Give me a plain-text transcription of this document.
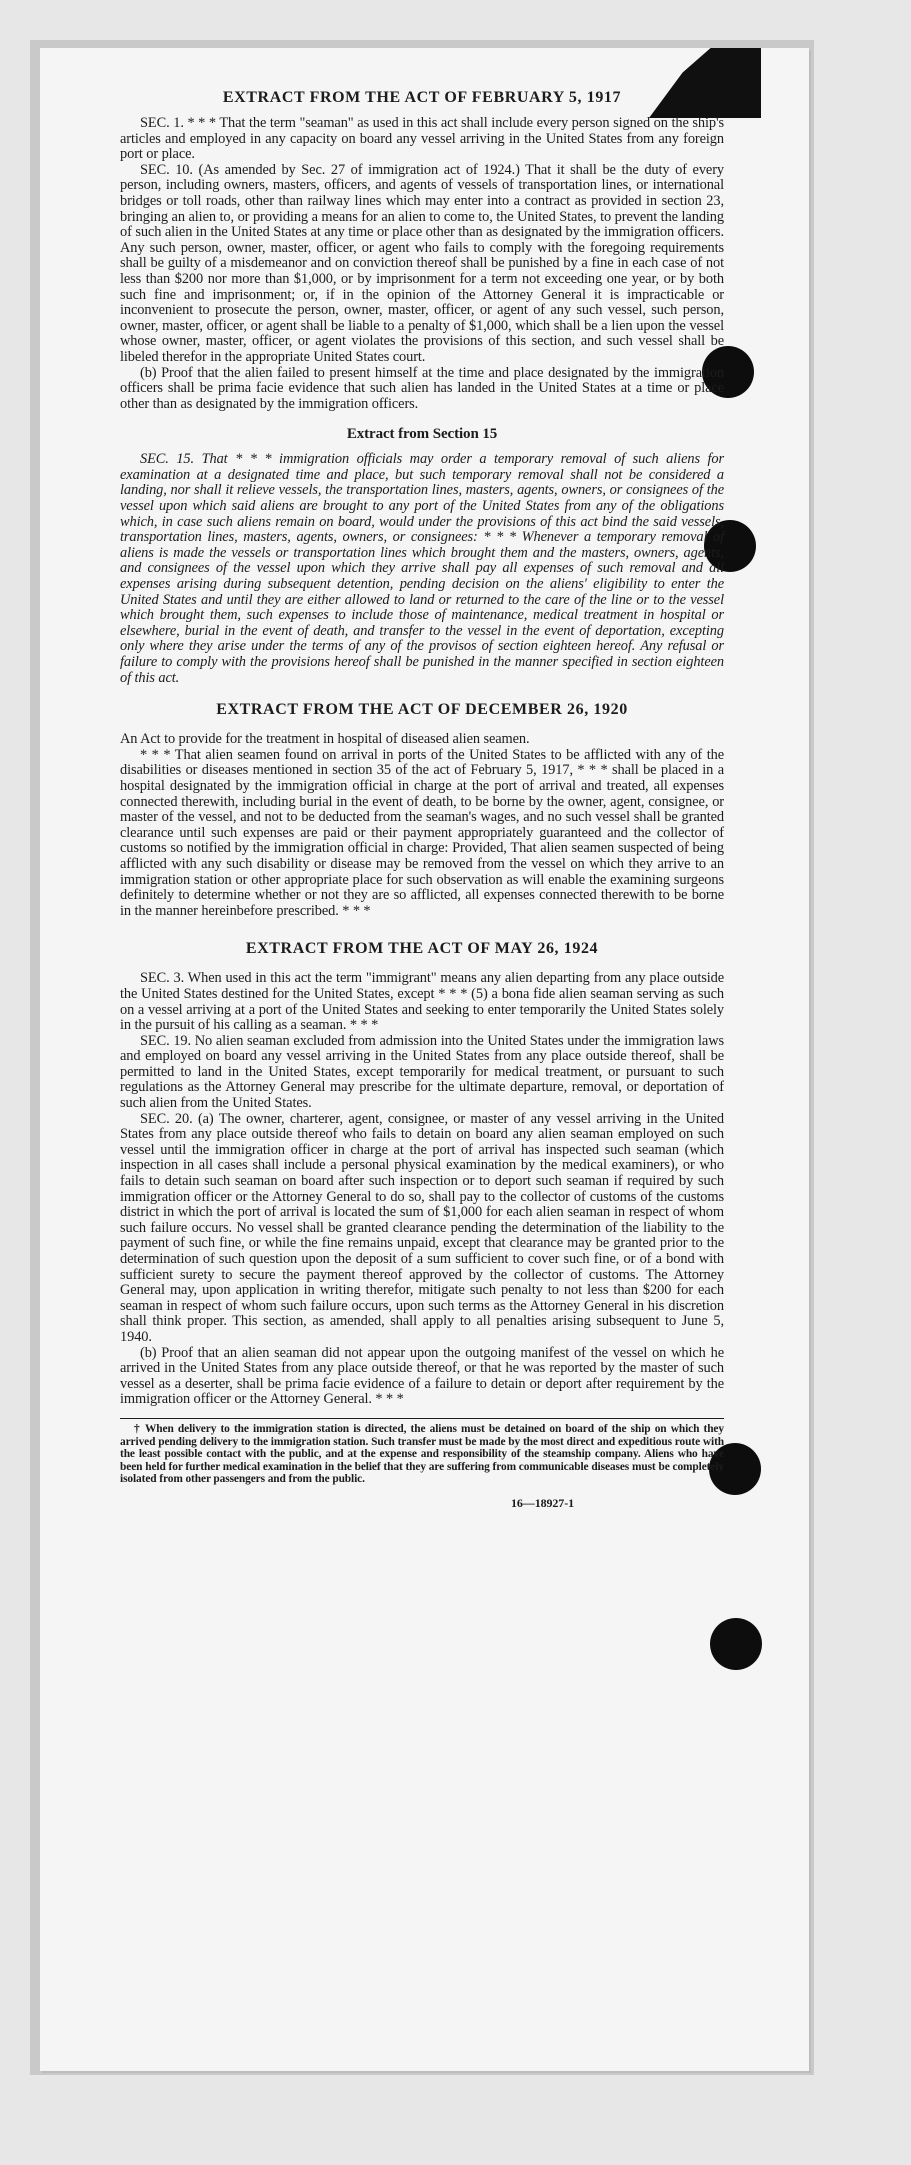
EXTRACT FROM THE ACT OF FEBRUARY 5, 1917

SEC. 1. * * * That the term "seaman" as used in this act shall include every person signed on the ship's articles and employed in any capacity on board any vessel arriving in the United States from any foreign port or place.

SEC. 10. (As amended by Sec. 27 of immigration act of 1924.) That it shall be the duty of every person, including owners, masters, officers, and agents of vessels of transportation lines, or international bridges or toll roads, other than railway lines which may enter into a contract as provided in section 23, bringing an alien to, or providing a means for an alien to come to, the United States, to prevent the landing of such alien in the United States at any time or place other than as designated by the immigration officers. Any such person, owner, master, officer, or agent who fails to comply with the foregoing requirements shall be guilty of a misdemeanor and on conviction thereof shall be punished by a fine in each case of not less than $200 nor more than $1,000, or by imprisonment for a term not exceeding one year, or by both such fine and imprisonment; or, if in the opinion of the Attorney General it is impracticable or inconvenient to prosecute the person, owner, master, officer, or agent of any such vessel, such person, owner, master, officer, or agent shall be liable to a penalty of $1,000, which shall be a lien upon the vessel whose owner, master, officer, or agent violates the provisions of this section, and such vessel shall be libeled therefor in the appropriate United States court.

(b) Proof that the alien failed to present himself at the time and place designated by the immigration officers shall be prima facie evidence that such alien has landed in the United States at a time or place other than as designated by the immigration officers.

Extract from Section 15

SEC. 15. That * * * immigration officials may order a temporary removal of such aliens for examination at a designated time and place, but such temporary removal shall not be considered a landing, nor shall it relieve vessels, the transportation lines, masters, agents, owners, or consignees of the vessel upon which said aliens are brought to any port of the United States from any of the obligations which, in case such aliens remain on board, would under the provisions of this act bind the said vessels, transportation lines, masters, agents, owners, or consignees: * * * Whenever a temporary removal of aliens is made the vessels or transportation lines which brought them and the masters, owners, agents, and consignees of the vessel upon which they arrive shall pay all expenses of such removal and all expenses arising during subsequent detention, pending decision on the aliens' eligibility to enter the United States and until they are either allowed to land or returned to the care of the line or to the vessel which brought them, such expenses to include those of maintenance, medical treatment in hospital or elsewhere, burial in the event of death, and transfer to the vessel in the event of deportation, excepting only where they arise under the terms of any of the provisos of section eighteen hereof. Any refusal or failure to comply with the provisions hereof shall be punished in the manner specified in section eighteen of this act.

EXTRACT FROM THE ACT OF DECEMBER 26, 1920

An Act to provide for the treatment in hospital of diseased alien seamen.

* * * That alien seamen found on arrival in ports of the United States to be afflicted with any of the disabilities or diseases mentioned in section 35 of the act of February 5, 1917, * * * shall be placed in a hospital designated by the immigration official in charge at the port of arrival and treated, all expenses connected therewith, including burial in the event of death, to be borne by the owner, agent, consignee, or master of the vessel, and not to be deducted from the seaman's wages, and no such vessel shall be granted clearance until such expenses are paid or their payment appropriately guaranteed and the collector of customs so notified by the immigration official in charge: Provided, That alien seamen suspected of being afflicted with any such disability or disease may be removed from the vessel on which they arrive to an immigration station or other appropriate place for such observation as will enable the examining surgeons definitely to determine whether or not they are so afflicted, all expenses connected therewith to be borne in the manner hereinbefore prescribed. * * *

EXTRACT FROM THE ACT OF MAY 26, 1924

SEC. 3. When used in this act the term "immigrant" means any alien departing from any place outside the United States destined for the United States, except * * * (5) a bona fide alien seaman serving as such on a vessel arriving at a port of the United States and seeking to enter temporarily the United States solely in the pursuit of his calling as a seaman. * * *

SEC. 19. No alien seaman excluded from admission into the United States under the immigration laws and employed on board any vessel arriving in the United States from any place outside thereof, shall be permitted to land in the United States, except temporarily for medical treatment, or pursuant to such regulations as the Attorney General may prescribe for the ultimate departure, removal, or deportation of such alien from the United States.

SEC. 20. (a) The owner, charterer, agent, consignee, or master of any vessel arriving in the United States from any place outside thereof who fails to detain on board any alien seaman employed on such vessel until the immigration officer in charge at the port of arrival has inspected such seaman (which inspection in all cases shall include a personal physical examination by the medical examiners), or who fails to detain such seaman on board after such inspection or to deport such seaman if required by such immigration officer or the Attorney General to do so, shall pay to the collector of customs of the customs district in which the port of arrival is located the sum of $1,000 for each alien seaman in respect of whom such failure occurs. No vessel shall be granted clearance pending the determination of the liability to the payment of such fine, or while the fine remains unpaid, except that clearance may be granted prior to the determination of such question upon the deposit of a sum sufficient to cover such fine, or of a bond with sufficient surety to secure the payment thereof approved by the collector of customs. The Attorney General may, upon application in writing therefor, mitigate such penalty to not less than $200 for each seaman in respect of whom such failure occurs, upon such terms as the Attorney General in his discretion shall think proper. This section, as amended, shall apply to all penalties arising subsequent to June 5, 1940.

(b) Proof that an alien seaman did not appear upon the outgoing manifest of the vessel on which he arrived in the United States from any place outside thereof, or that he was reported by the master of such vessel as a deserter, shall be prima facie evidence of a failure to detain or deport after requirement by the immigration officer or the Attorney General. * * *

† When delivery to the immigration station is directed, the aliens must be detained on board of the ship on which they arrived pending delivery to the immigration station. Such transfer must be made by the most direct and expeditious route with the least possible contact with the public, and at the expense and responsibility of the steamship company. Aliens who have been held for further medical examination in the belief that they are suffering from communicable diseases must be completely isolated from other passengers and from the public.

16—18927-1
